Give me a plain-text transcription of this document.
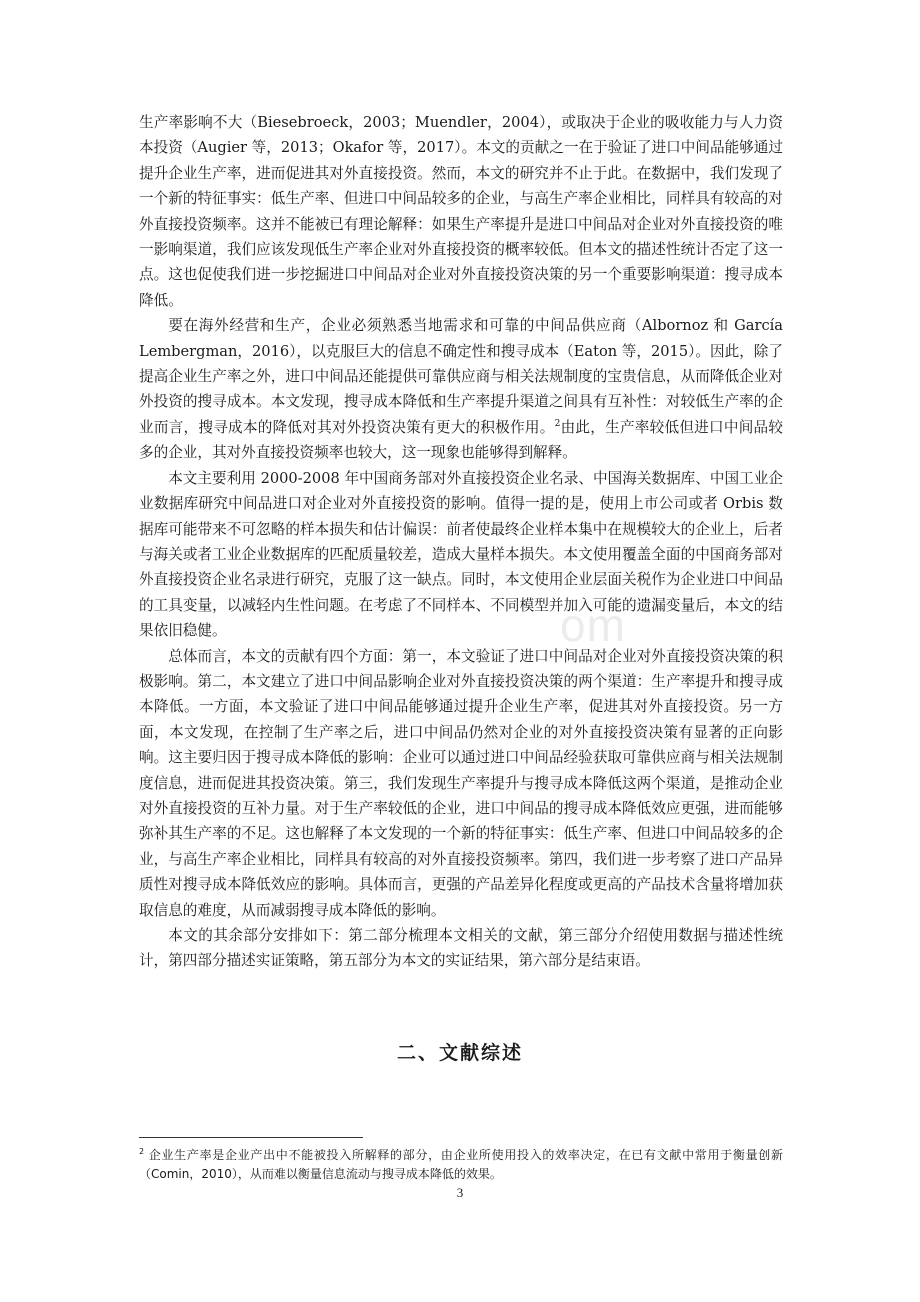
om

生产率影响不大（Biesebroeck，2003；Muendler，2004），或取决于企业的吸收能力与人力资本投资（Augier 等，2013；Okafor 等，2017）。本文的贡献之一在于验证了进口中间品能够通过提升企业生产率，进而促进其对外直接投资。然而，本文的研究并不止于此。在数据中，我们发现了一个新的特征事实：低生产率、但进口中间品较多的企业，与高生产率企业相比，同样具有较高的对外直接投资频率。这并不能被已有理论解释：如果生产率提升是进口中间品对企业对外直接投资的唯一影响渠道，我们应该发现低生产率企业对外直接投资的概率较低。但本文的描述性统计否定了这一点。这也促使我们进一步挖掘进口中间品对企业对外直接投资决策的另一个重要影响渠道：搜寻成本降低。

要在海外经营和生产，企业必须熟悉当地需求和可靠的中间品供应商（Albornoz 和 García Lembergman，2016），以克服巨大的信息不确定性和搜寻成本（Eaton 等，2015）。因此，除了提高企业生产率之外，进口中间品还能提供可靠供应商与相关法规制度的宝贵信息，从而降低企业对外投资的搜寻成本。本文发现，搜寻成本降低和生产率提升渠道之间具有互补性：对较低生产率的企业而言，搜寻成本的降低对其对外投资决策有更大的积极作用。$^2$由此，生产率较低但进口中间品较多的企业，其对外直接投资频率也较大，这一现象也能够得到解释。

本文主要利用 2000-2008 年中国商务部对外直接投资企业名录、中国海关数据库、中国工业企业数据库研究中间品进口对企业对外直接投资的影响。值得一提的是，使用上市公司或者 Orbis 数据库可能带来不可忽略的样本损失和估计偏误：前者使最终企业样本集中在规模较大的企业上，后者与海关或者工业企业数据库的匹配质量较差，造成大量样本损失。本文使用覆盖全面的中国商务部对外直接投资企业名录进行研究，克服了这一缺点。同时，本文使用企业层面关税作为企业进口中间品的工具变量，以减轻内生性问题。在考虑了不同样本、不同模型并加入可能的遗漏变量后，本文的结果依旧稳健。

总体而言，本文的贡献有四个方面：第一，本文验证了进口中间品对企业对外直接投资决策的积极影响。第二，本文建立了进口中间品影响企业对外直接投资决策的两个渠道：生产率提升和搜寻成本降低。一方面，本文验证了进口中间品能够通过提升企业生产率，促进其对外直接投资。另一方面，本文发现，在控制了生产率之后，进口中间品仍然对企业的对外直接投资决策有显著的正向影响。这主要归因于搜寻成本降低的影响：企业可以通过进口中间品经验获取可靠供应商与相关法规制度信息，进而促进其投资决策。第三，我们发现生产率提升与搜寻成本降低这两个渠道，是推动企业对外直接投资的互补力量。对于生产率较低的企业，进口中间品的搜寻成本降低效应更强，进而能够弥补其生产率的不足。这也解释了本文发现的一个新的特征事实：低生产率、但进口中间品较多的企业，与高生产率企业相比，同样具有较高的对外直接投资频率。第四，我们进一步考察了进口产品异质性对搜寻成本降低效应的影响。具体而言，更强的产品差异化程度或更高的产品技术含量将增加获取信息的难度，从而减弱搜寻成本降低的影响。

本文的其余部分安排如下：第二部分梳理本文相关的文献，第三部分介绍使用数据与描述性统计，第四部分描述实证策略，第五部分为本文的实证结果，第六部分是结束语。

二、文献综述
$^2$ 企业生产率是企业产出中不能被投入所解释的部分，由企业所使用投入的效率决定，在已有文献中常用于衡量创新（Comin，2010），从而难以衡量信息流动与搜寻成本降低的效果。
3
